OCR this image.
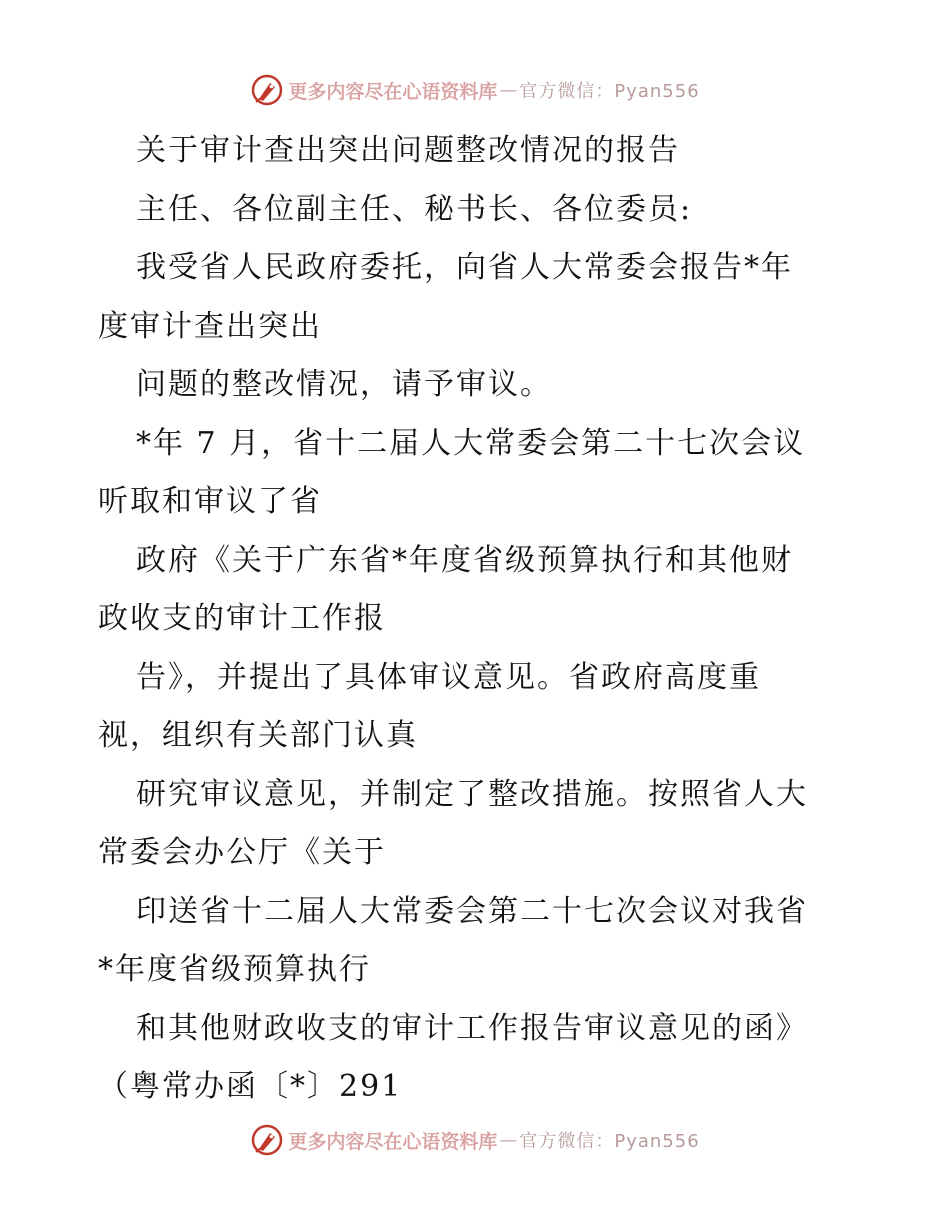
更多内容尽在心语资料库 — 官方微信：Pyan556
关于审计查出突出问题整改情况的报告
主任、各位副主任、秘书长、各位委员:
我受省人民政府委托，向省人大常委会报告*年
度审计查出突出
问题的整改情况，请予审议。
*年 7 月，省十二届人大常委会第二十七次会议
听取和审议了省
政府《关于广东省*年度省级预算执行和其他财
政收支的审计工作报
告》，并提出了具体审议意见。省政府高度重
视，组织有关部门认真
研究审议意见，并制定了整改措施。按照省人大
常委会办公厅《关于
印送省十二届人大常委会第二十七次会议对我省
*年度省级预算执行
和其他财政收支的审计工作报告审议意见的函》
（粤常办函〔*〕291
更多内容尽在心语资料库 — 官方微信：Pyan556
